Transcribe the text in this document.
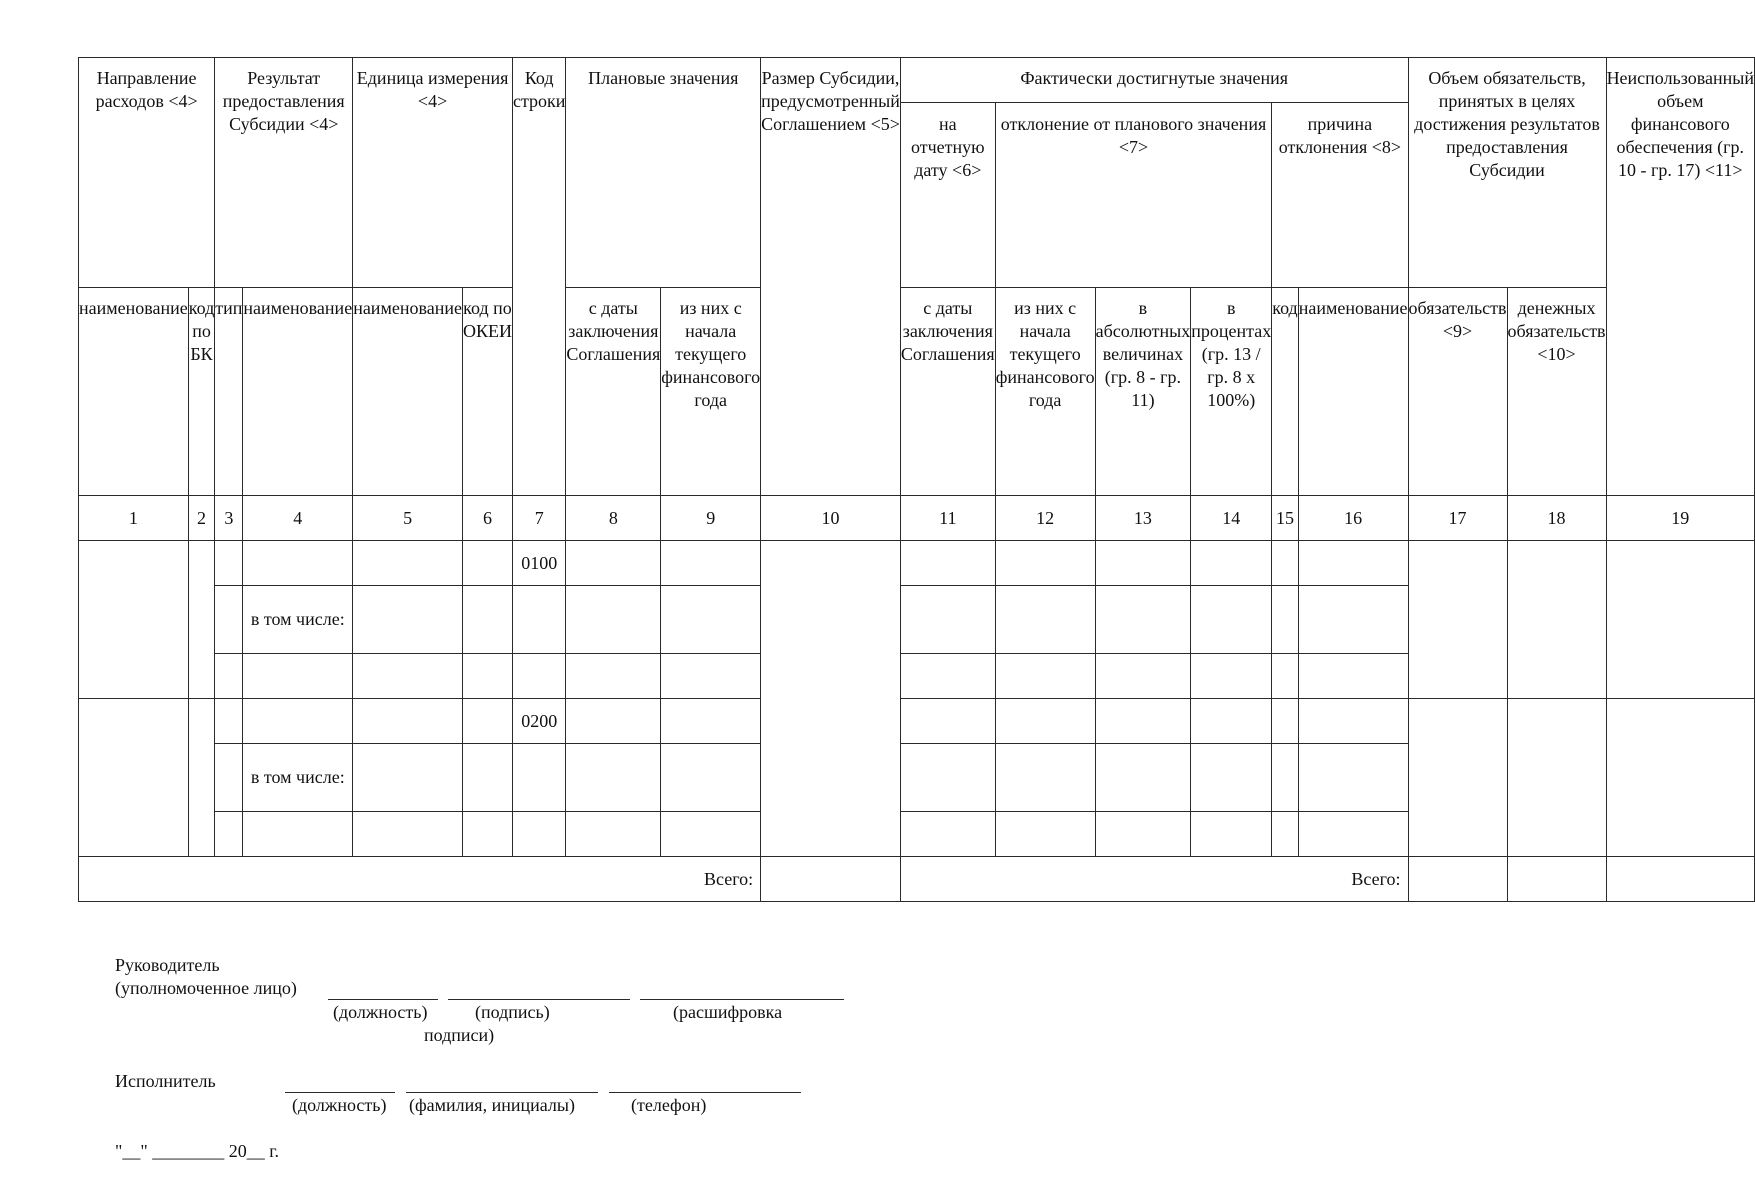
Направление расходов <4>		Результат предоставления Субсидии <4>		Единица измерения <4>		Код строки	Плановые значения		Размер Субсидии, предусмотренный Соглашением <5>	Фактически достигнутые значения						Объем обязательств, принятых в целях достижения результатов предоставления Субсидии		Неиспользованный объем финансового обеспечения (гр. 10 - гр. 17) <11>
										на отчетную дату <6>	отклонение от планового значения <7>			причина отклонения <8>				
наименование	код по БК	тип	наименование	наименование	код по ОКЕИ		с даты заключения Соглашения	из них с начала текущего финансового года		с даты заключения Соглашения	из них с начала текущего финансового года	в абсолютных величинах (гр. 8 - гр. 11)	в процентах (гр. 13 / гр. 8 x 100%)	код	наименование	обязательств <9>	денежных обязательств <10>	
1	2	3	4	5	6	7	8	9	10	11	12	13	14	15	16	17	18	19
						0100												
			в том числе:															

						0200												
			в том числе:															

Всего:										Всего:								
Руководитель
(уполномоченное лицо)
(должность)	(подпись)	(расшифровка
подписи)
Исполнитель
(должность) (фамилия, инициалы)	(телефон)
"__" ________ 20__ г.
